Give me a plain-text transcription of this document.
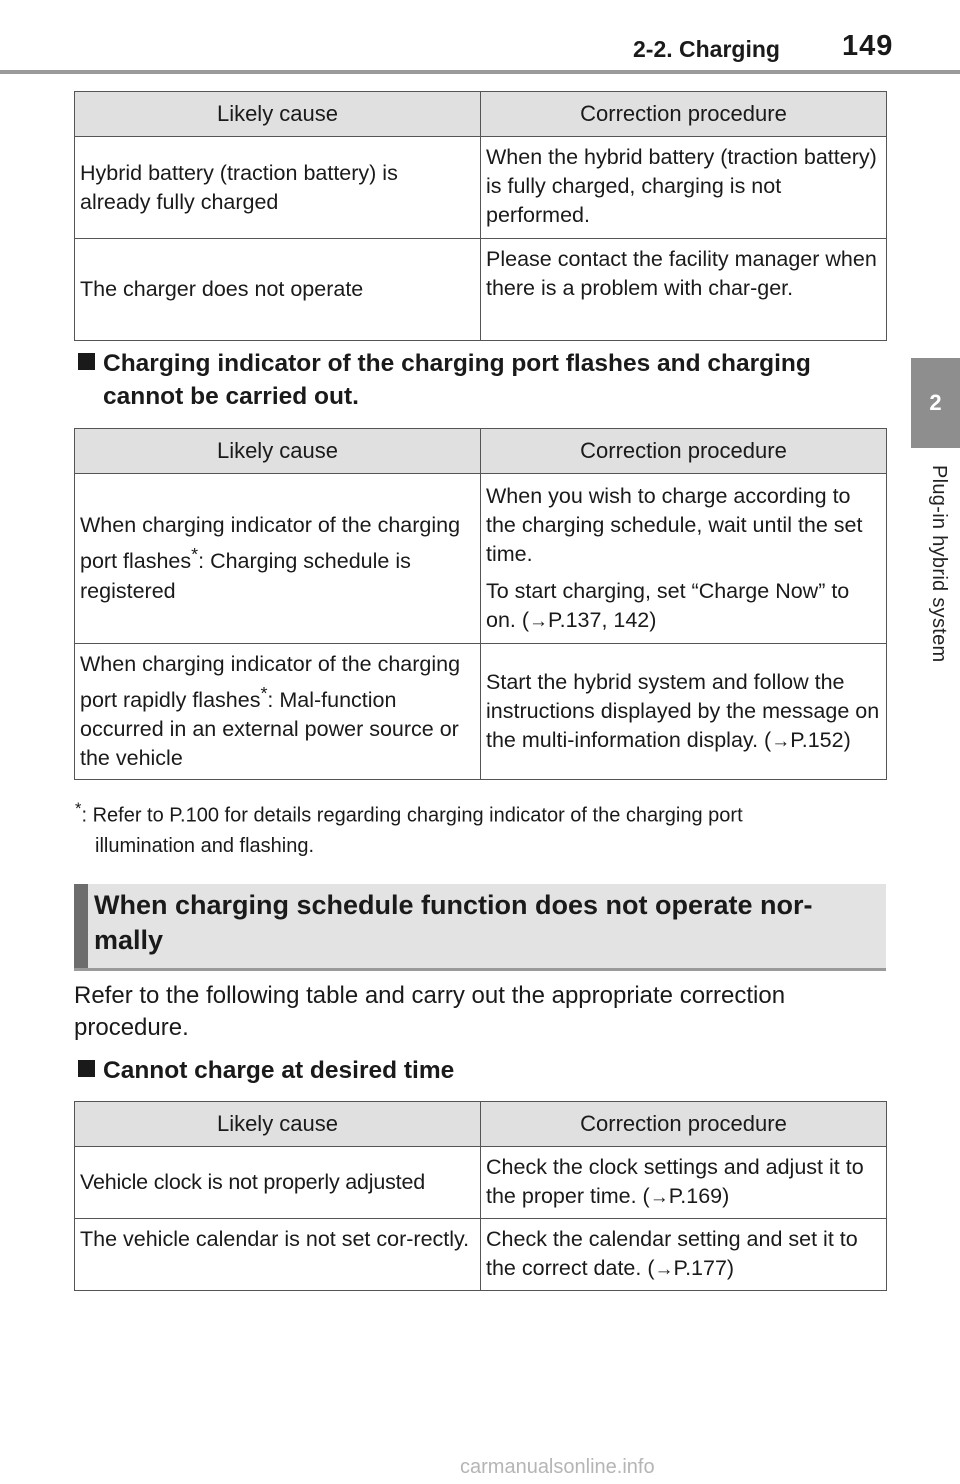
2-2. Charging 149
2
Plug-in hybrid system
Likely cause	Correction procedure
Hybrid battery (traction battery) is already fully charged	When the hybrid battery (traction battery) is fully charged, charging is not performed.
The charger does not operate	Please contact the facility manager when there is a problem with char-ger.
Charging indicator of the charging port flashes and charging
cannot be carried out.
Likely cause	Correction procedure
When charging indicator of the charging port flashes*: Charging schedule is registered	When you wish to charge according to the charging schedule, wait until the set time.
To start charging, set “Charge Now” to on. (→P.137, 142)

When charging indicator of the charging port rapidly flashes*: Mal-function occurred in an external power source or the vehicle	Start the hybrid system and follow the instructions displayed by the message on the multi-information display. (→P.152)
*: Refer to P.100 for details regarding charging indicator of the charging port
illumination and flashing.
When charging schedule function does not operate nor-mally
Refer to the following table and carry out the appropriate correction procedure.
Cannot charge at desired time
Likely cause	Correction procedure
Vehicle clock is not properly adjusted	Check the clock settings and adjust it to the proper time. (→P.169)
The vehicle calendar is not set cor-rectly.	Check the calendar setting and set it to the correct date. (→P.177)
carmanualsonline.info
